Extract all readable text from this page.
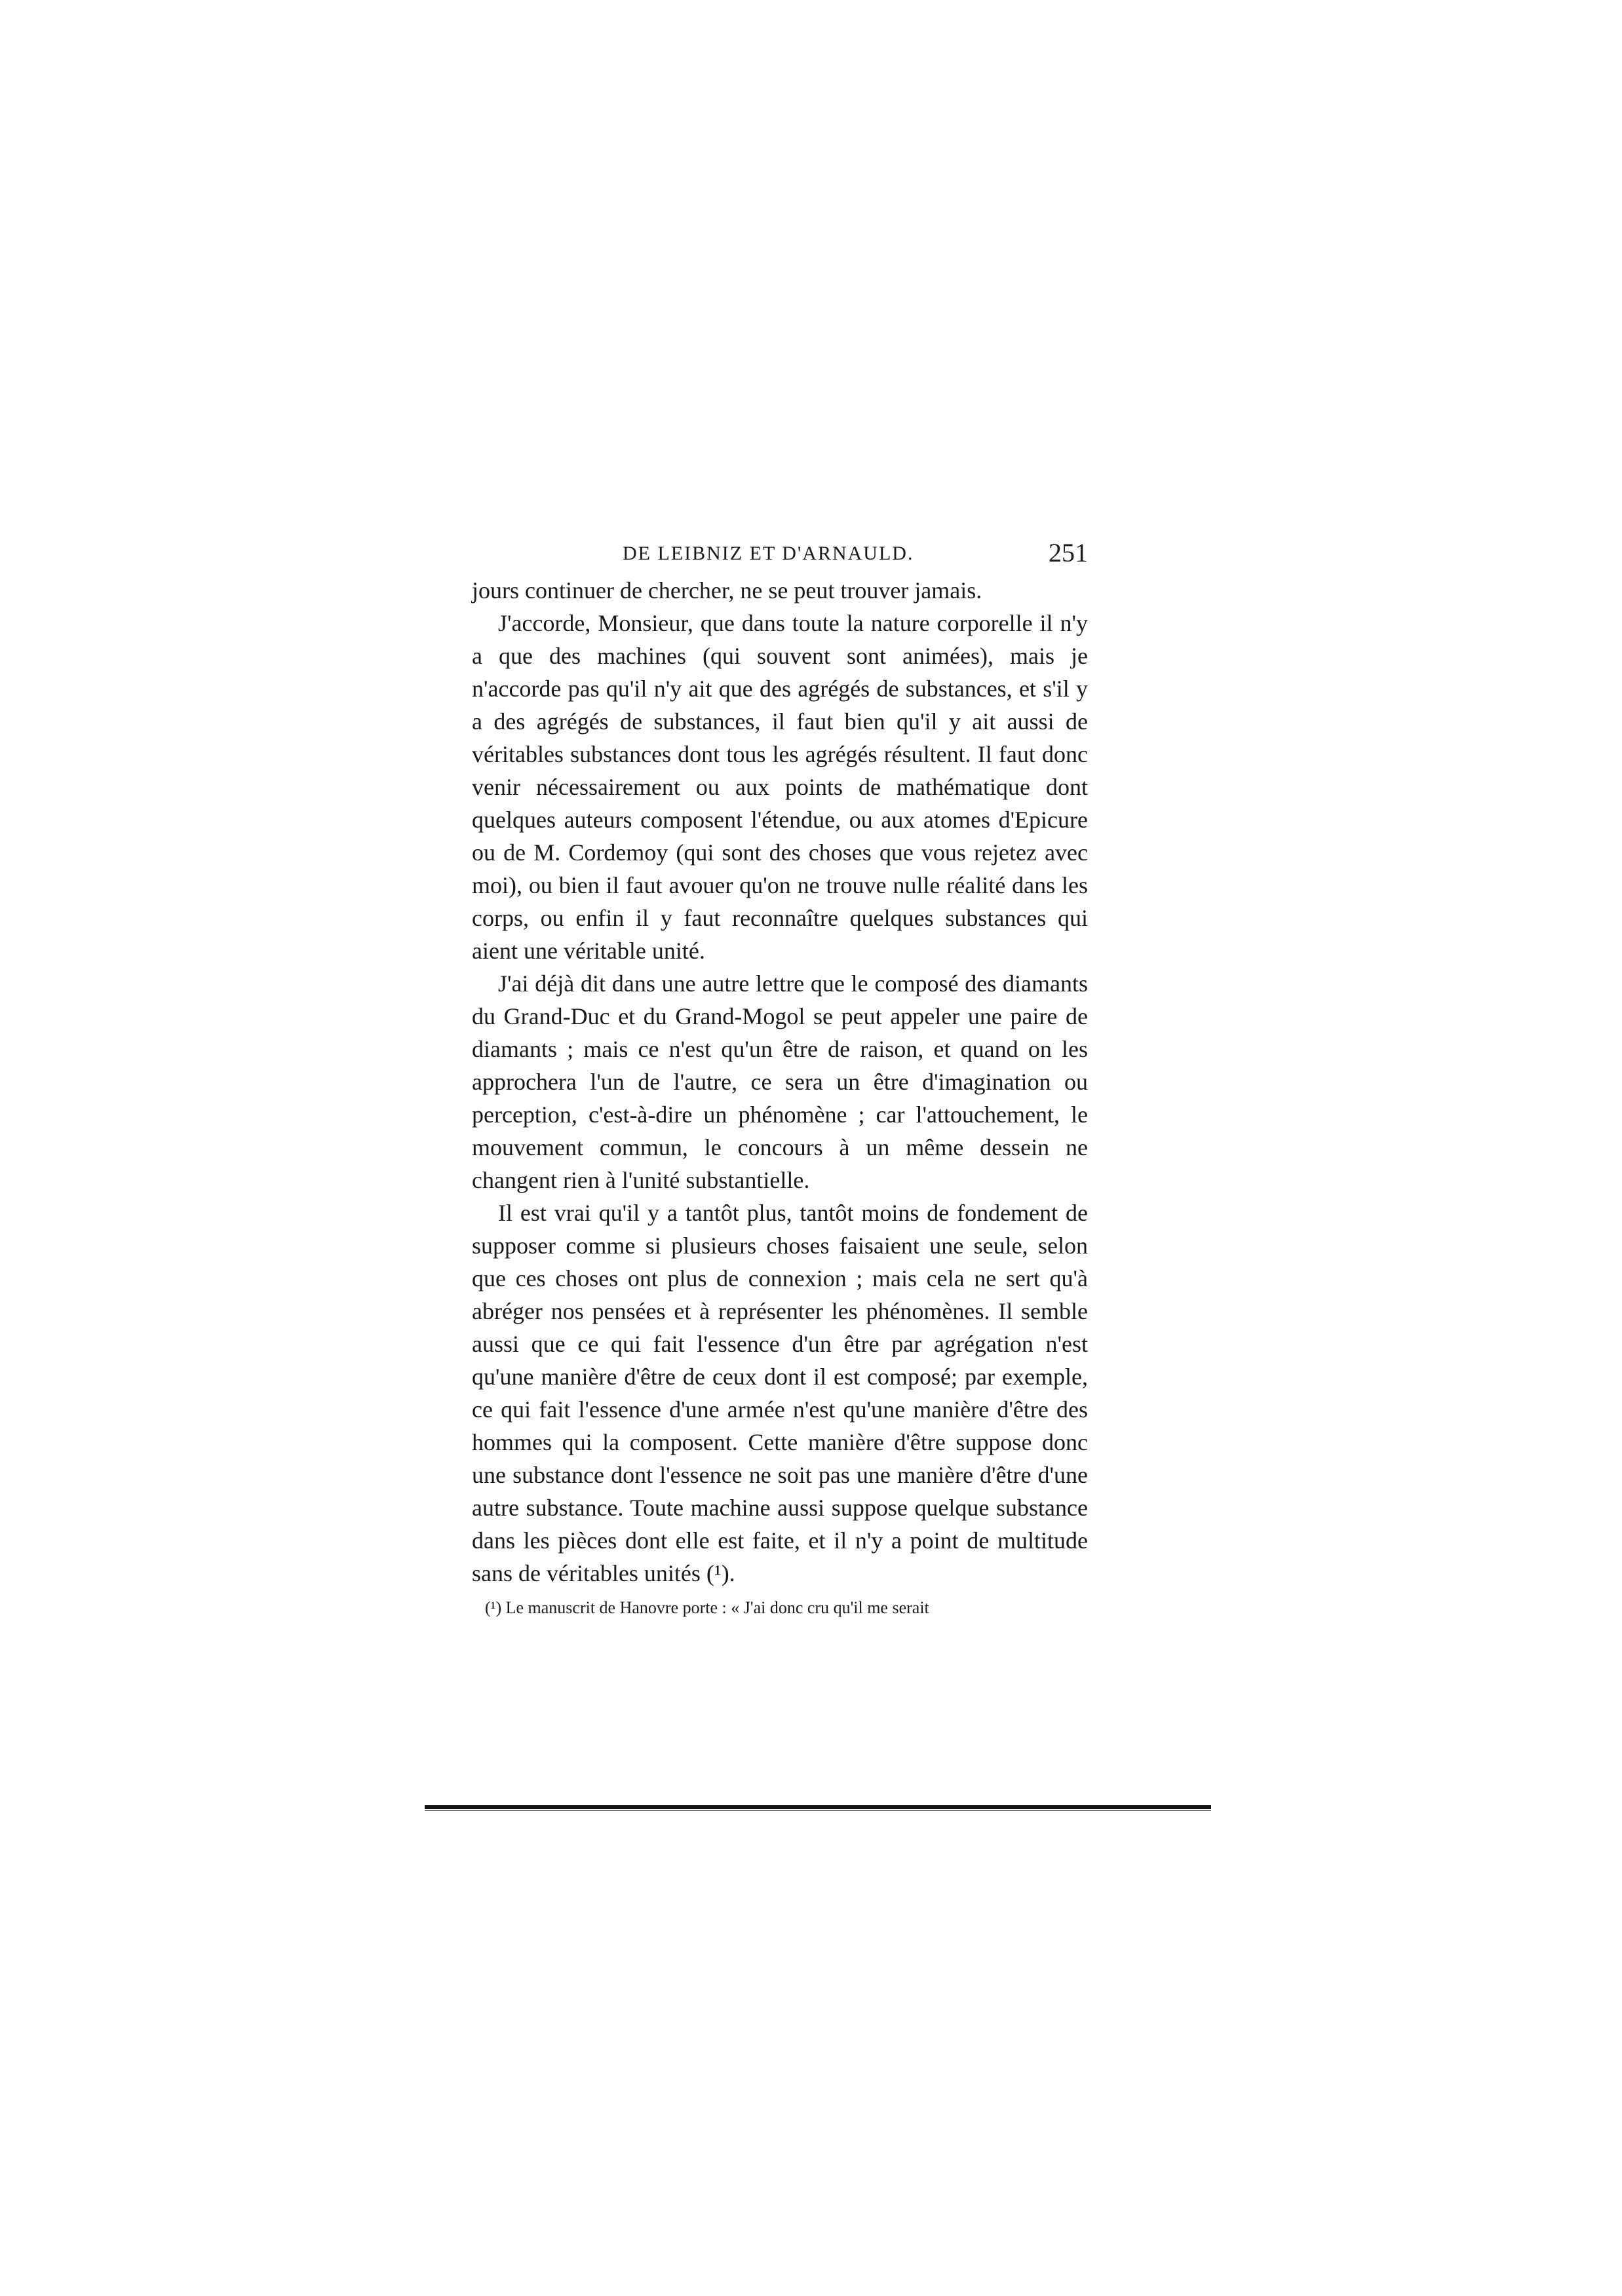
DE LEIBNIZ ET D'ARNAULD.	251

jours continuer de chercher, ne se peut trouver jamais.

J'accorde, Monsieur, que dans toute la nature corporelle il n'y a que des machines (qui souvent sont animées), mais je n'accorde pas qu'il n'y ait que des agrégés de substances, et s'il y a des agrégés de substances, il faut bien qu'il y ait aussi de véritables substances dont tous les agrégés résultent. Il faut donc venir nécessairement ou aux points de mathématique dont quelques auteurs composent l'étendue, ou aux atomes d'Epicure ou de M. Cordemoy (qui sont des choses que vous rejetez avec moi), ou bien il faut avouer qu'on ne trouve nulle réalité dans les corps, ou enfin il y faut reconnaître quelques substances qui aient une véritable unité.

J'ai déjà dit dans une autre lettre que le composé des diamants du Grand-Duc et du Grand-Mogol se peut appeler une paire de diamants ; mais ce n'est qu'un être de raison, et quand on les approchera l'un de l'autre, ce sera un être d'imagination ou perception, c'est-à-dire un phénomène ; car l'attouchement, le mouvement commun, le concours à un même dessein ne changent rien à l'unité substantielle.

Il est vrai qu'il y a tantôt plus, tantôt moins de fondement de supposer comme si plusieurs choses faisaient une seule, selon que ces choses ont plus de connexion ; mais cela ne sert qu'à abréger nos pensées et à représenter les phénomènes. Il semble aussi que ce qui fait l'essence d'un être par agrégation n'est qu'une manière d'être de ceux dont il est composé; par exemple, ce qui fait l'essence d'une armée n'est qu'une manière d'être des hommes qui la composent. Cette manière d'être suppose donc une substance dont l'essence ne soit pas une manière d'être d'une autre substance. Toute machine aussi suppose quelque substance dans les pièces dont elle est faite, et il n'y a point de multitude sans de véritables unités (¹).

(¹) Le manuscrit de Hanovre porte : « J'ai donc cru qu'il me serait
